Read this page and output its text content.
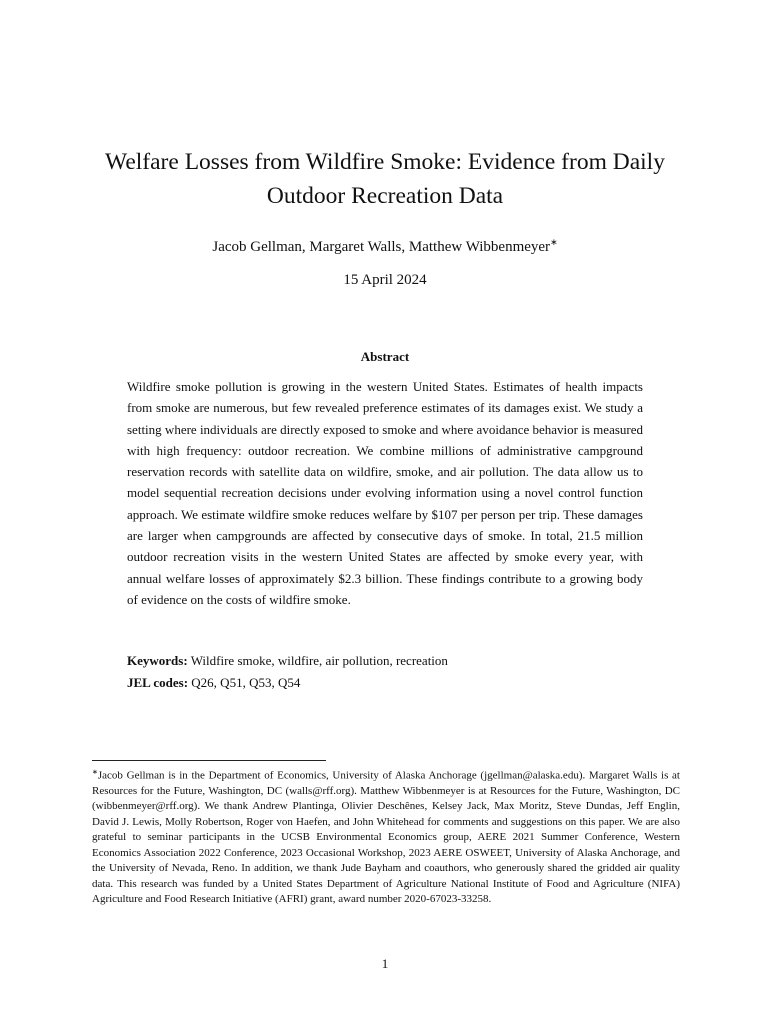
Welfare Losses from Wildfire Smoke: Evidence from Daily Outdoor Recreation Data
Jacob Gellman, Margaret Walls, Matthew Wibbenmeyer∗
15 April 2024
Abstract

Wildfire smoke pollution is growing in the western United States. Estimates of health impacts from smoke are numerous, but few revealed preference estimates of its damages exist. We study a setting where individuals are directly exposed to smoke and where avoidance behavior is measured with high frequency: outdoor recreation. We combine millions of administrative campground reservation records with satellite data on wildfire, smoke, and air pollution. The data allow us to model sequential recreation decisions under evolving information using a novel control function approach. We estimate wildfire smoke reduces welfare by $107 per person per trip. These damages are larger when campgrounds are affected by consecutive days of smoke. In total, 21.5 million outdoor recreation visits in the western United States are affected by smoke every year, with annual welfare losses of approximately $2.3 billion. These findings contribute to a growing body of evidence on the costs of wildfire smoke.

Keywords: Wildfire smoke, wildfire, air pollution, recreation
JEL codes: Q26, Q51, Q53, Q54

∗Jacob Gellman is in the Department of Economics, University of Alaska Anchorage (jgellman@alaska.edu). Margaret Walls is at Resources for the Future, Washington, DC (walls@rff.org). Matthew Wibbenmeyer is at Resources for the Future, Washington, DC (wibbenmeyer@rff.org). We thank Andrew Plantinga, Olivier Deschênes, Kelsey Jack, Max Moritz, Steve Dundas, Jeff Englin, David J. Lewis, Molly Robertson, Roger von Haefen, and John Whitehead for comments and suggestions on this paper. We are also grateful to seminar participants in the UCSB Environmental Economics group, AERE 2021 Summer Conference, Western Economics Association 2022 Conference, 2023 Occasional Workshop, 2023 AERE OSWEET, University of Alaska Anchorage, and the University of Nevada, Reno. In addition, we thank Jude Bayham and coauthors, who generously shared the gridded air quality data. This research was funded by a United States Department of Agriculture National Institute of Food and Agriculture (NIFA) Agriculture and Food Research Initiative (AFRI) grant, award number 2020-67023-33258.

1
